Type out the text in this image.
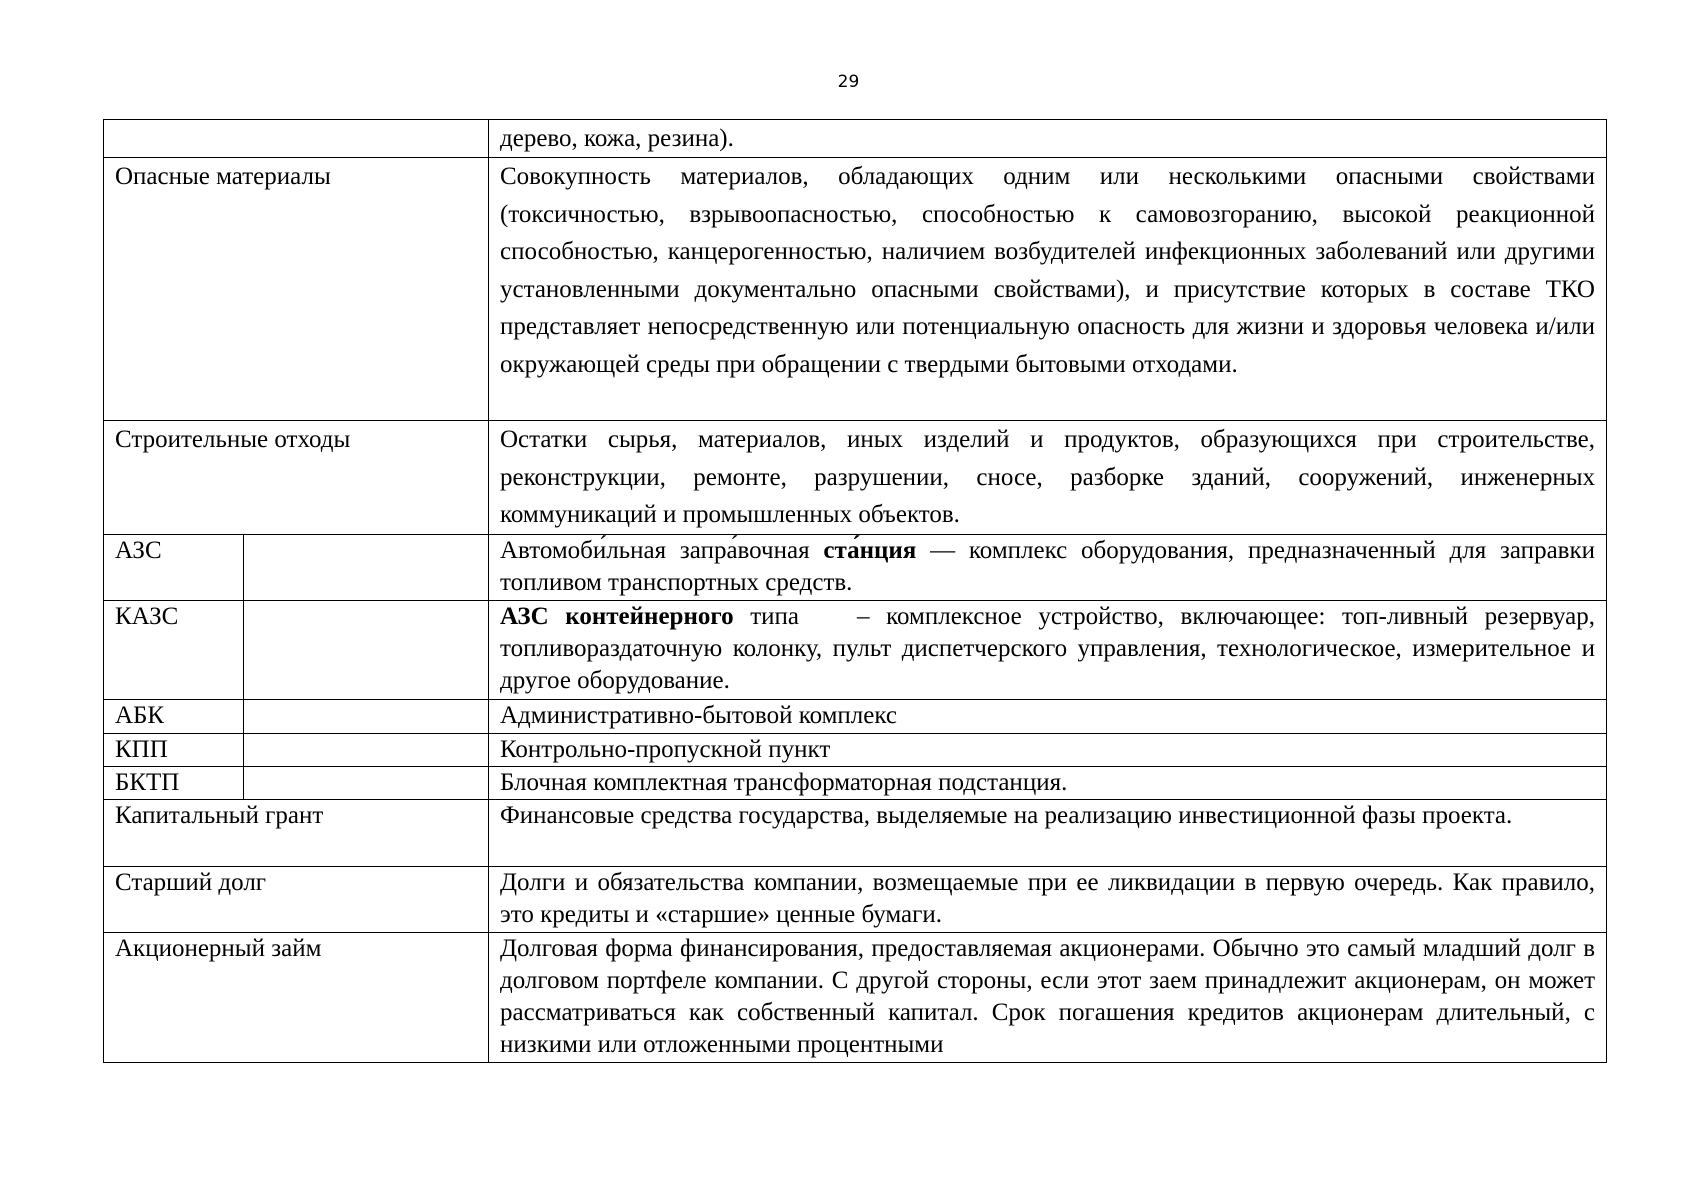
29
		дерево, кожа, резина).
Опасные материалы		Совокупность материалов, обладающих одним или несколькими опасными свойствами (токсичностью, взрывоопасностью, способностью к самовозгоранию, высокой реакционной способностью, канцерогенностью, наличием возбудителей инфекционных заболеваний или другими установленными документально опасными свойствами), и присутствие которых в составе ТКО представляет непосредственную или потенциальную опасность для жизни и здоровья человека и/или окружающей среды при обращении с твердыми бытовыми отходами.
Строительные отходы		Остатки сырья, материалов, иных изделий и продуктов, образующихся при строительстве, реконструкции, ремонте, разрушении, сносе, разборке зданий, сооружений, инженерных коммуникаций и промышленных объектов.
АЗС		Автомоби́льная запра́вочная ста́нция — комплекс оборудования, предназначенный для заправки топливом транспортных средств.
КАЗС		АЗС контейнерного типа – комплексное устройство, включающее: топ-ливный резервуар, топливораздаточную колонку, пульт диспетчерского управления, технологическое, измерительное и другое оборудование.
АБК		Административно-бытовой комплекс
КПП		Контрольно-пропускной пункт
БКТП		Блочная комплектная трансформаторная подстанция.
Капитальный грант		Финансовые средства государства, выделяемые на реализацию инвестиционной фазы проекта.
Старший долг		Долги и обязательства компании, возмещаемые при ее ликвидации в первую очередь. Как правило, это кредиты и «старшие» ценные бумаги.
Акционерный займ		Долговая форма финансирования, предоставляемая акционерами. Обычно это самый младший долг в долговом портфеле компании. С другой стороны, если этот заем принадлежит акционерам, он может рассматриваться как собственный капитал. Срок погашения кредитов акционерам длительный, с низкими или отложенными процентными
